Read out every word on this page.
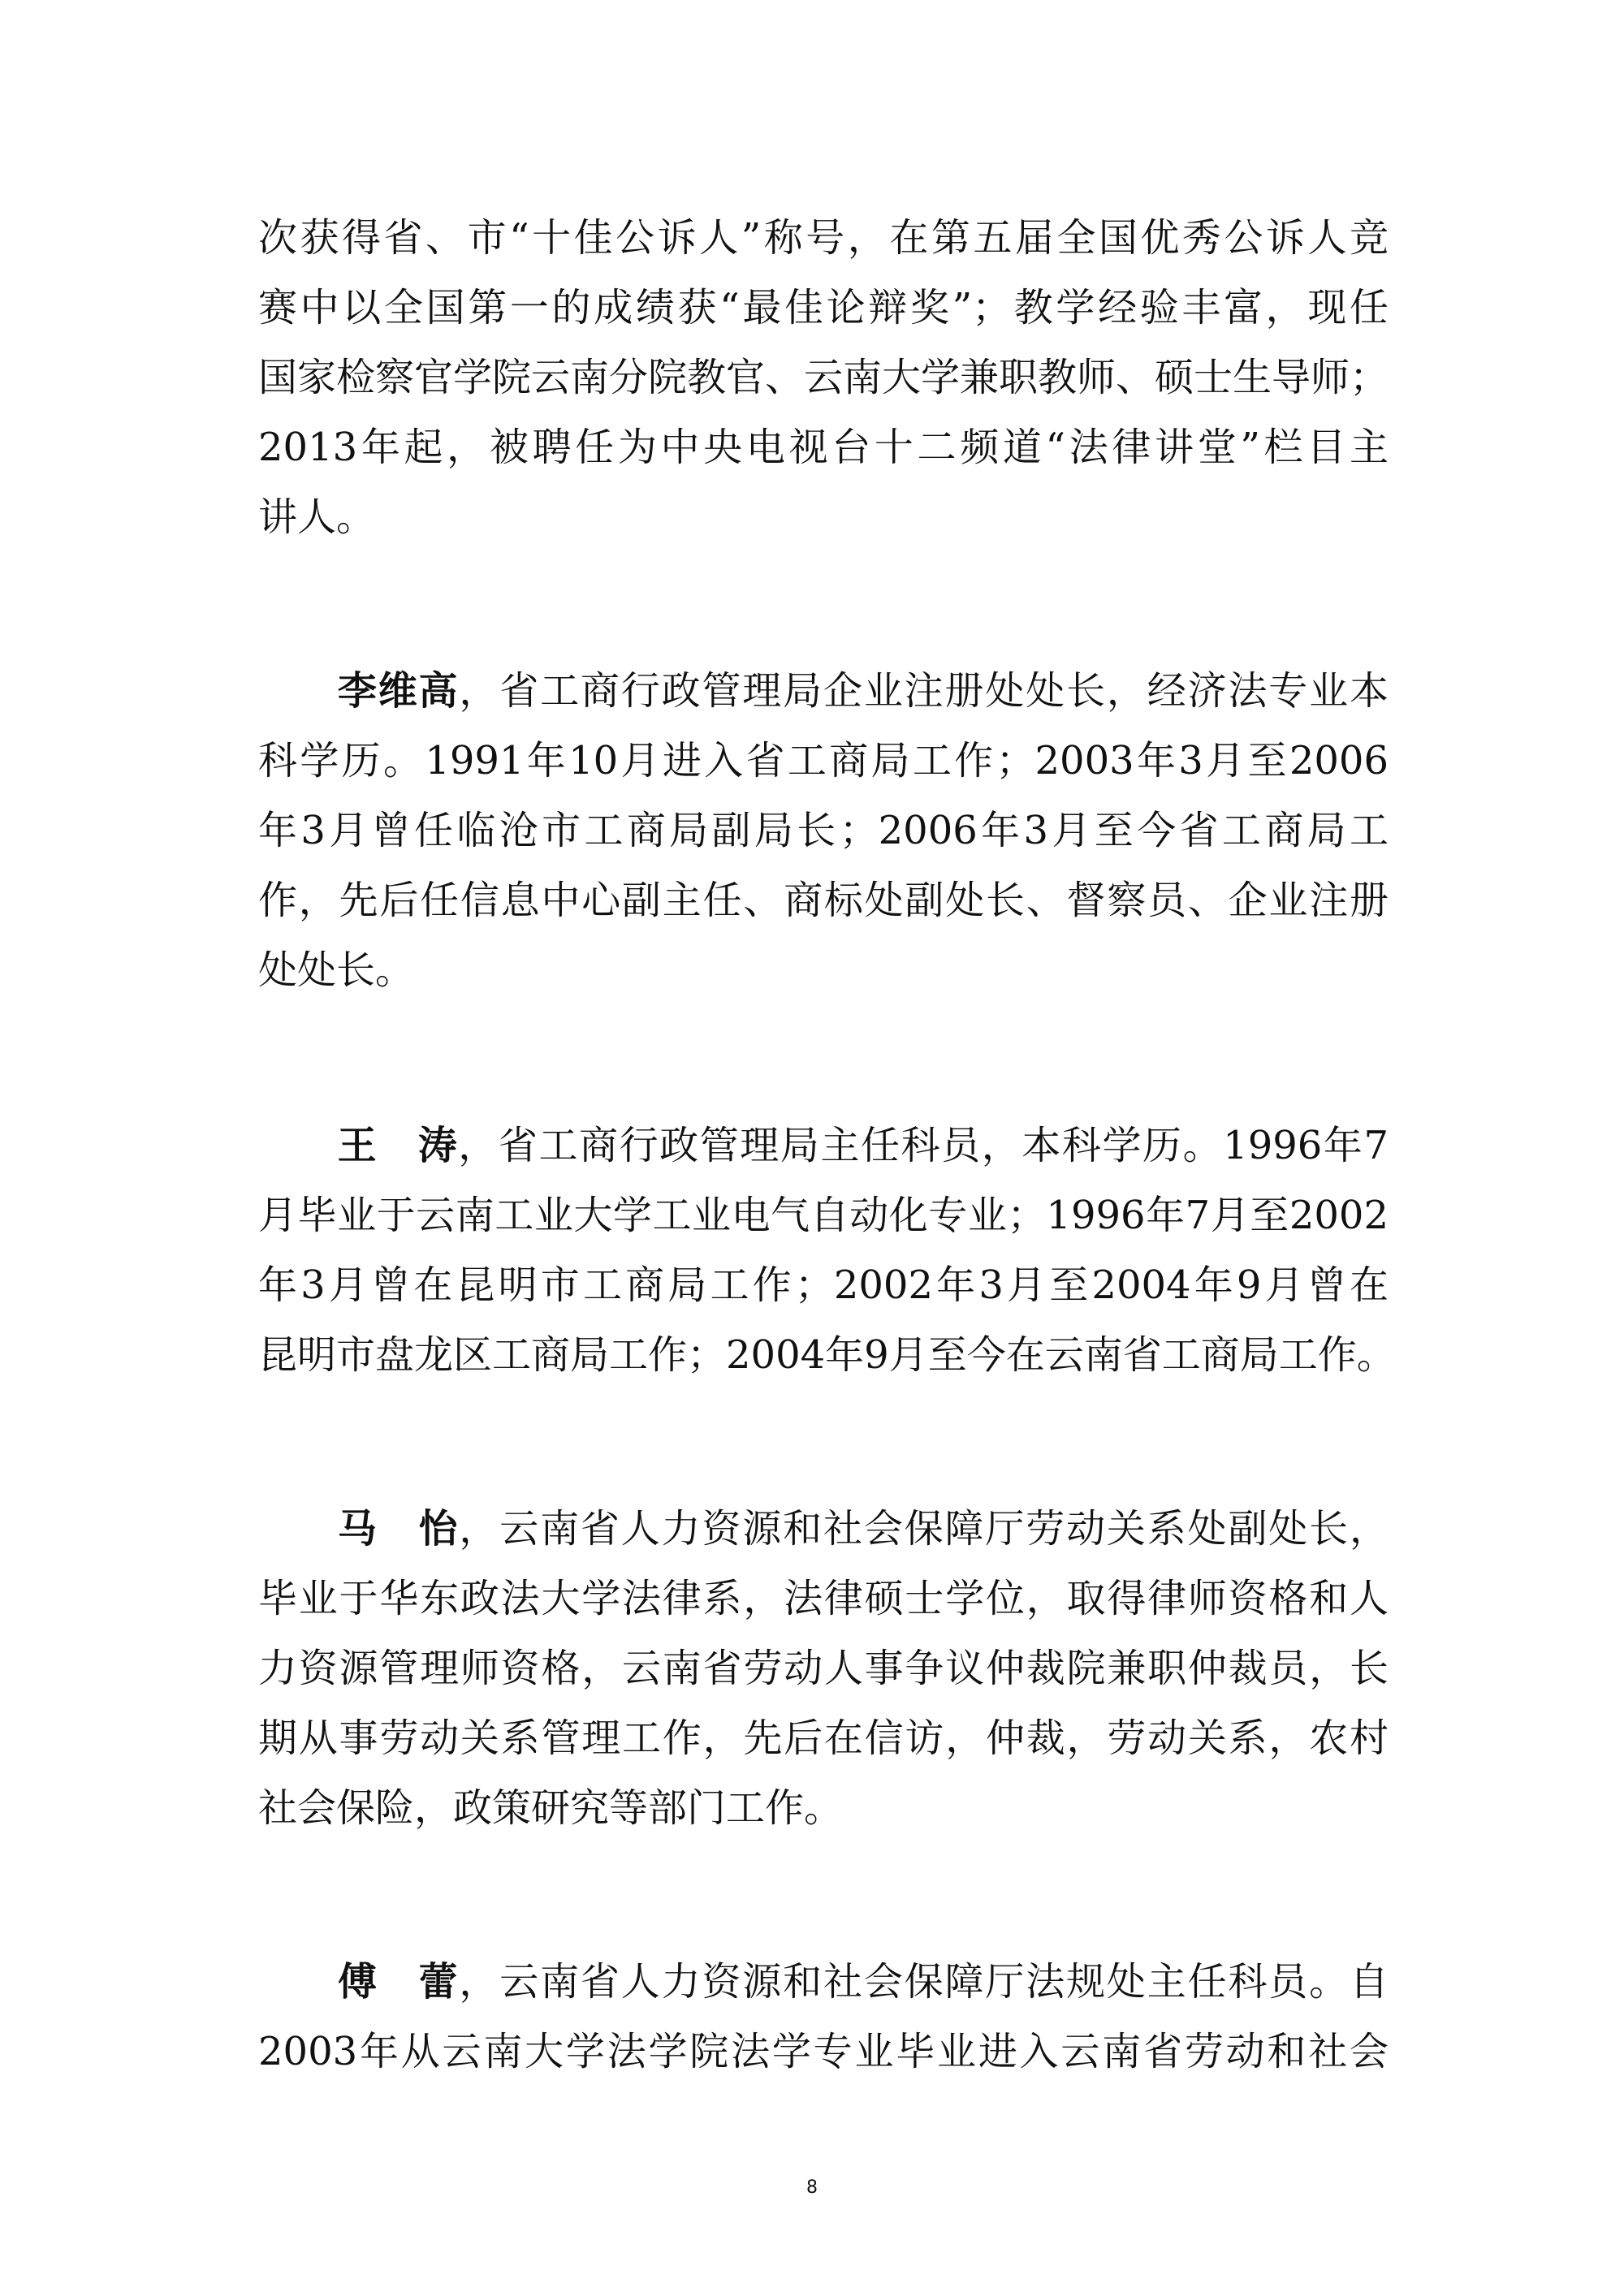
次获得省、市“十佳公诉人”称号，在第五届全国优秀公诉人竞
赛中以全国第一的成绩获“最佳论辩奖”；教学经验丰富，现任
国家检察官学院云南分院教官、云南大学兼职教师、硕士生导师；
2013年起，被聘任为中央电视台十二频道“法律讲堂”栏目主
讲人。
李维高，省工商行政管理局企业注册处处长，经济法专业本
科学历。1991年10月进入省工商局工作；2003年3月至2006
年3月曾任临沧市工商局副局长；2006年3月至今省工商局工
作，先后任信息中心副主任、商标处副处长、督察员、企业注册
处处长。
王　涛，省工商行政管理局主任科员，本科学历。1996年7
月毕业于云南工业大学工业电气自动化专业；1996年7月至2002
年3月曾在昆明市工商局工作；2002年3月至2004年9月曾在
昆明市盘龙区工商局工作；2004年9月至今在云南省工商局工作。
马　怡，云南省人力资源和社会保障厅劳动关系处副处长，
毕业于华东政法大学法律系，法律硕士学位，取得律师资格和人
力资源管理师资格，云南省劳动人事争议仲裁院兼职仲裁员，长
期从事劳动关系管理工作，先后在信访，仲裁，劳动关系，农村
社会保险，政策研究等部门工作。
傅　蕾，云南省人力资源和社会保障厅法规处主任科员。自
2003年从云南大学法学院法学专业毕业进入云南省劳动和社会
8
